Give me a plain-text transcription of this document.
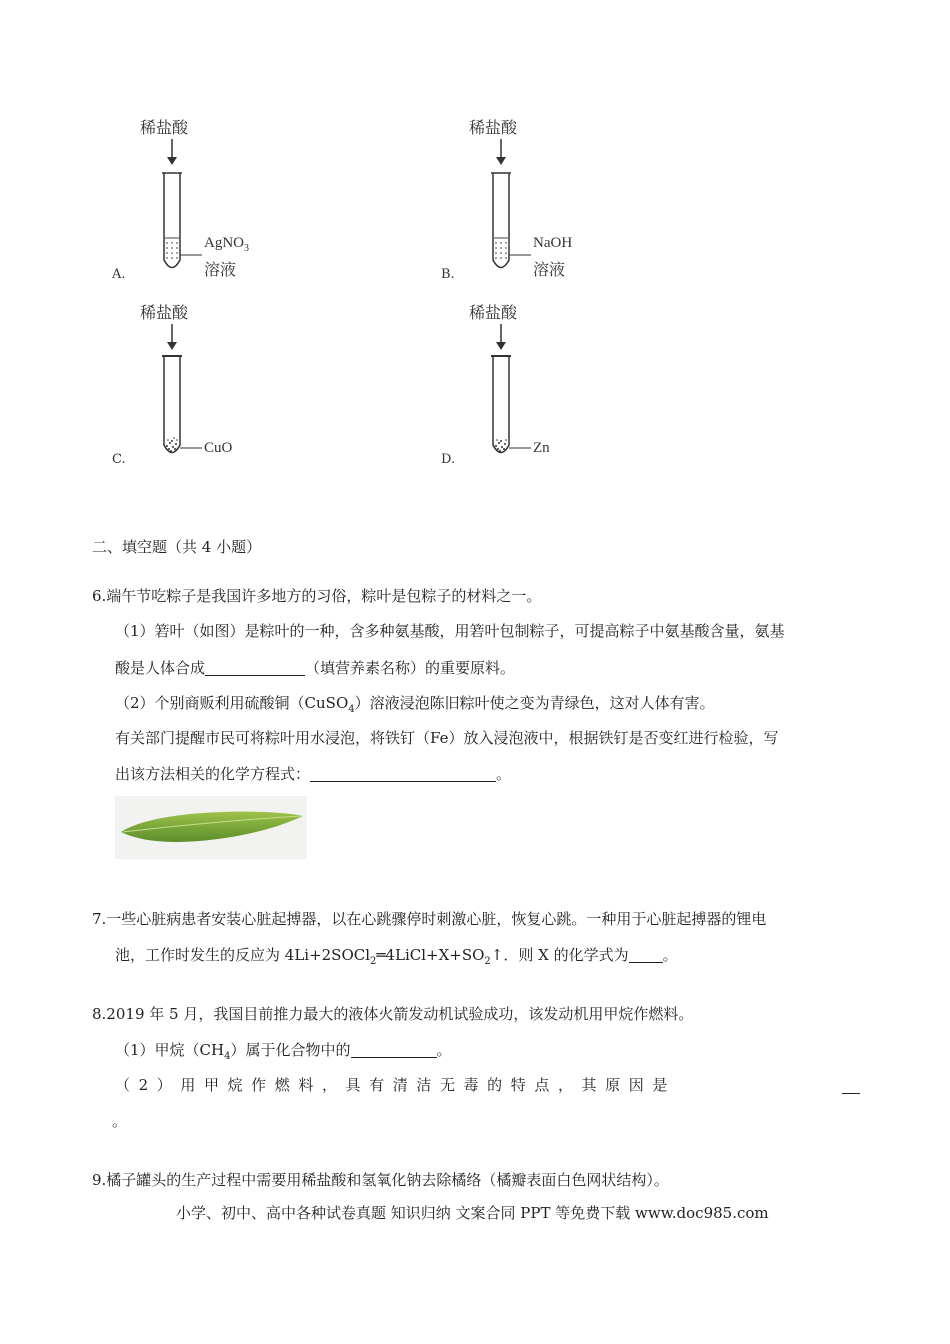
稀盐酸
AgNO$_3$
溶液
A.
稀盐酸
NaOH
溶液
B.
稀盐酸
CuO
C.
稀盐酸
Zn
D.
二、填空题（共 4 小题）
6.端午节吃粽子是我国许多地方的习俗，粽叶是包粽子的材料之一。
（1）箬叶（如图）是粽叶的一种，含多种氨基酸，用箬叶包制粽子，可提高粽子中氨基酸含量，氨基
酸是人体合成	（填营养素名称）的重要原料。
（2）个别商贩利用硫酸铜（CuSO$_4$）溶液浸泡陈旧粽叶使之变为青绿色，这对人体有害。
有关部门提醒市民可将粽叶用水浸泡，将铁钉（Fe）放入浸泡液中，根据铁钉是否变红进行检验，写
出该方法相关的化学方程式：	。
7.一些心脏病患者安装心脏起搏器，以在心跳骤停时刺激心脏，恢复心跳。一种用于心脏起搏器的锂电
池，工作时发生的反应为 $4Li+2SOCl_2═4LiCl+X+SO_2↑$．则 X 的化学式为 。
8.2019 年 5 月，我国目前推力最大的液体火箭发动机试验成功，该发动机用甲烷作燃料。
（1）甲烷$(CH_4)$属于化合物中的	。
（2）用甲烷作燃料，具有清洁无毒的特点，其原因是
。
9.橘子罐头的生产过程中需要用稀盐酸和氢氧化钠去除橘络（橘瓣表面白色网状结构）。
小学、初中、高中各种试卷真题 知识归纳 文案合同 PPT 等免费下载 www.doc985.com
